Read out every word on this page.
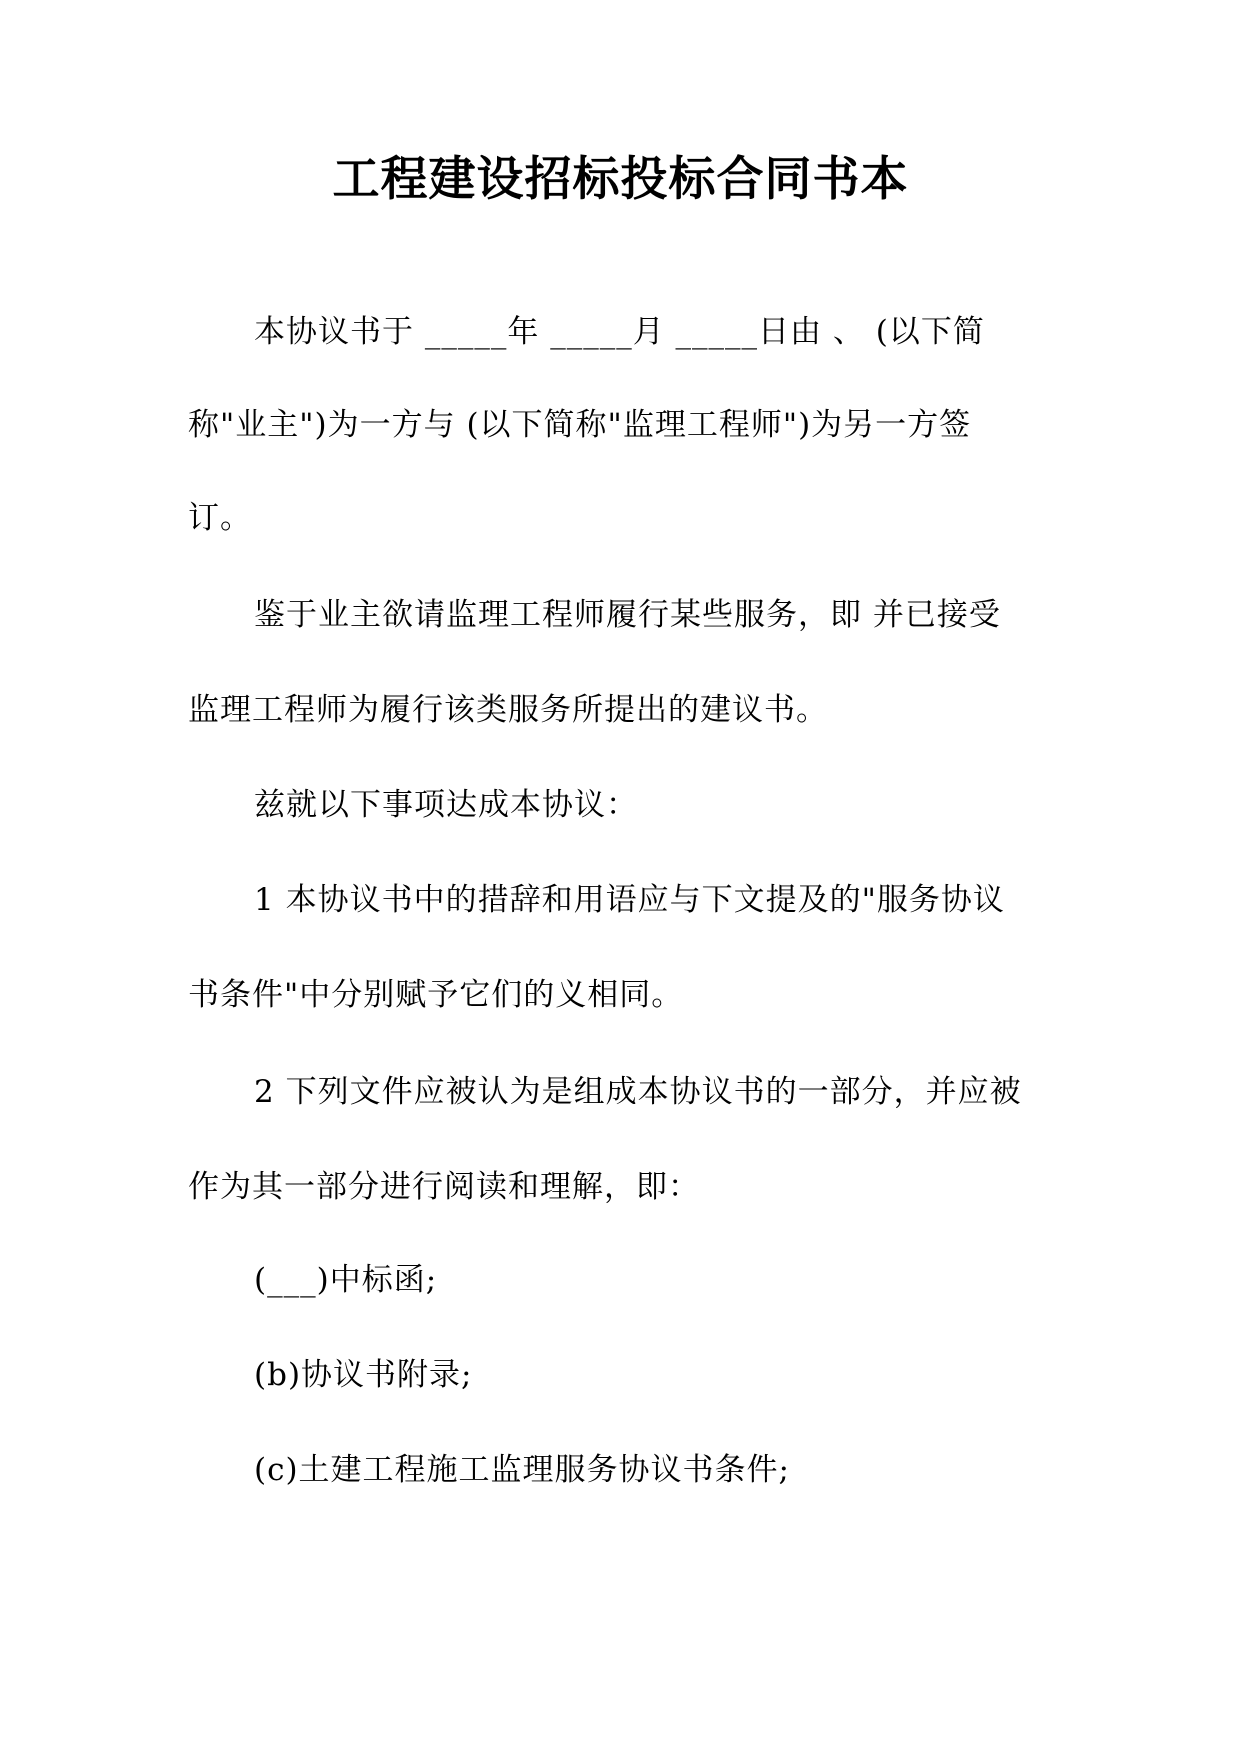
工程建设招标投标合同书本
本协议书于 _____年 _____月 _____日由 、 (以下简
称"业主")为一方与 (以下简称"监理工程师")为另一方签
订。
鉴于业主欲请监理工程师履行某些服务，即 并已接受
监理工程师为履行该类服务所提出的建议书。
兹就以下事项达成本协议：
1 本协议书中的措辞和用语应与下文提及的"服务协议
书条件"中分别赋予它们的义相同。
2 下列文件应被认为是组成本协议书的一部分，并应被
作为其一部分进行阅读和理解，即：
(___)中标函;
(b)协议书附录;
(c)土建工程施工监理服务协议书条件;
